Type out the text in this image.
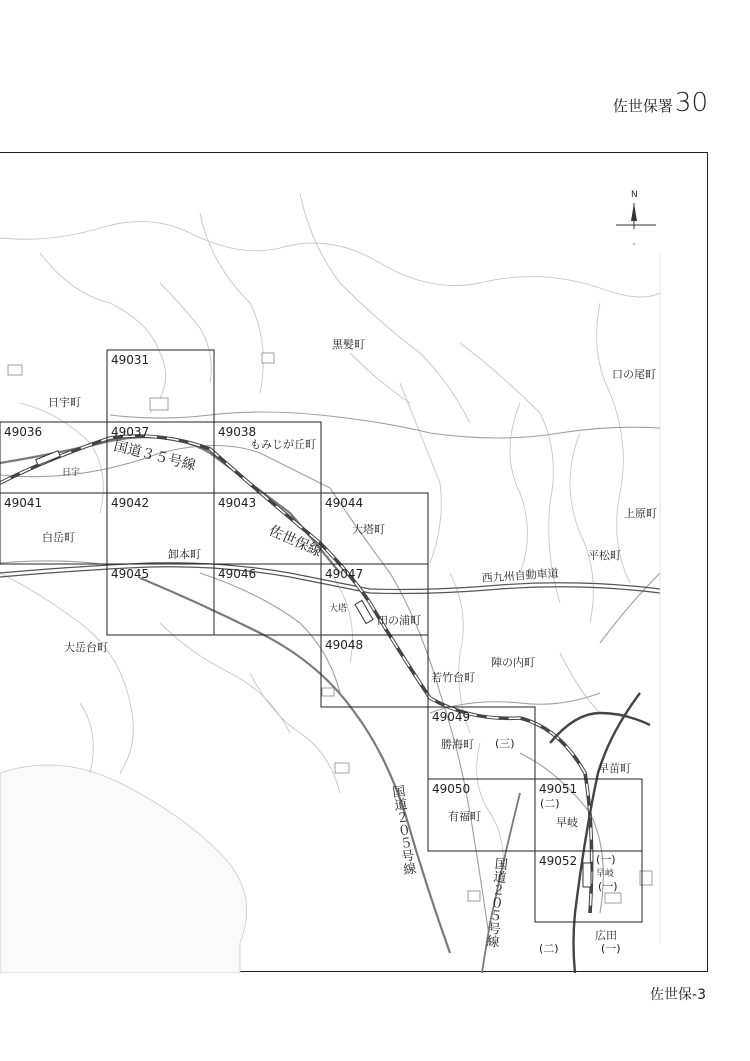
佐世保署30
49031
49036	49037	49038
49041	49042	49043	49044
49045	49046	49047
49048
49049
49050	49051
49052
N
黒髪町
口の尾町
日宇町
日宇
もみじが丘町
白岳町
卸本町
大塔町
上原町
平松町
大塔
田の浦町
大岳台町
陣の内町
若竹台町
勝海町 (三)
早苗町
有福町
(二)
早岐
(一)
早岐
(一)
広田
(二)	(一)
国道３５号線
佐世保線
西九州自動車道
国道２０５号線
国道２０５号線
佐世保-3
